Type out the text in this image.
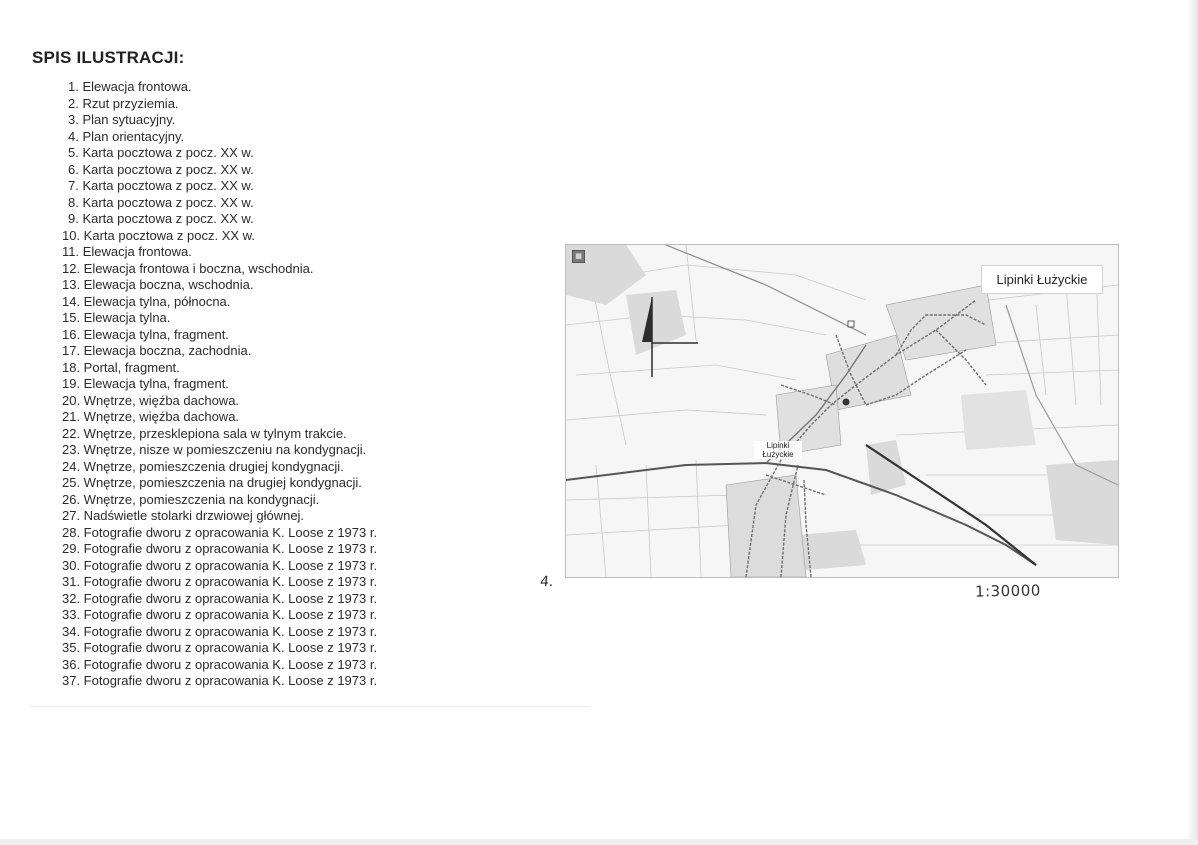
SPIS ILUSTRACJI:
1. Elewacja frontowa.
2. Rzut przyziemia.
3. Plan sytuacyjny.
4. Plan orientacyjny.
5. Karta pocztowa z pocz. XX w.
6. Karta pocztowa z pocz. XX w.
7. Karta pocztowa z pocz. XX w.
8. Karta pocztowa z pocz. XX w.
9. Karta pocztowa z pocz. XX w.
10. Karta pocztowa z pocz. XX w.
11. Elewacja frontowa.
12. Elewacja frontowa i boczna, wschodnia.
13. Elewacja boczna, wschodnia.
14. Elewacja tylna, północna.
15. Elewacja tylna.
16. Elewacja tylna, fragment.
17. Elewacja boczna, zachodnia.
18. Portal, fragment.
19. Elewacja tylna, fragment.
20. Wnętrze, więźba dachowa.
21. Wnętrze, więźba dachowa.
22. Wnętrze, przesklepiona sala w tylnym trakcie.
23. Wnętrze, nisze w pomieszczeniu na kondygnacji.
24. Wnętrze, pomieszczenia drugiej kondygnacji.
25. Wnętrze, pomieszczenia na drugiej kondygnacji.
26. Wnętrze, pomieszczenia na kondygnacji.
27. Nadświetle stolarki drzwiowej głównej.
28. Fotografie dworu z opracowania K. Loose z 1973 r.
29. Fotografie dworu z opracowania K. Loose z 1973 r.
30. Fotografie dworu z opracowania K. Loose z 1973 r.
31. Fotografie dworu z opracowania K. Loose z 1973 r.
32. Fotografie dworu z opracowania K. Loose z 1973 r.
33. Fotografie dworu z opracowania K. Loose z 1973 r.
34. Fotografie dworu z opracowania K. Loose z 1973 r.
35. Fotografie dworu z opracowania K. Loose z 1973 r.
36. Fotografie dworu z opracowania K. Loose z 1973 r.
37. Fotografie dworu z opracowania K. Loose z 1973 r.
▦
Lipinki Łużyckie
Lipinki
Łużyckie
4.	1:30000
